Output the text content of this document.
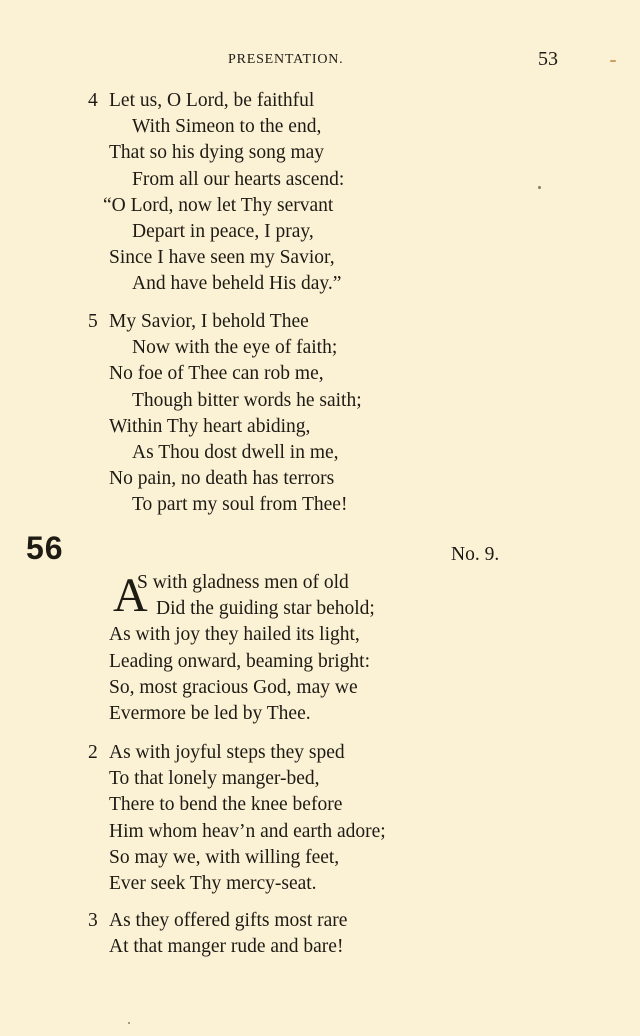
PRESENTATION.	53
4 Let us, O Lord, be faithful
With Simeon to the end,
That so his dying song may
From all our hearts ascend:
“O Lord, now let Thy servant
Depart in peace, I pray,
Since I have seen my Savior,
And have beheld His day.”
5 My Savior, I behold Thee
Now with the eye of faith;
No foe of Thee can rob me,
Though bitter words he saith;
Within Thy heart abiding,
As Thou dost dwell in me,
No pain, no death has terrors
To part my soul from Thee!
56	No. 9.
A
S with gladness men of old
Did the guiding star behold;
As with joy they hailed its light,
Leading onward, beaming bright:
So, most gracious God, may we
Evermore be led by Thee.
2 As with joyful steps they sped
To that lonely manger-bed,
There to bend the knee before
Him whom heav’n and earth adore;
So may we, with willing feet,
Ever seek Thy mercy-seat.
3 As they offered gifts most rare
At that manger rude and bare!
